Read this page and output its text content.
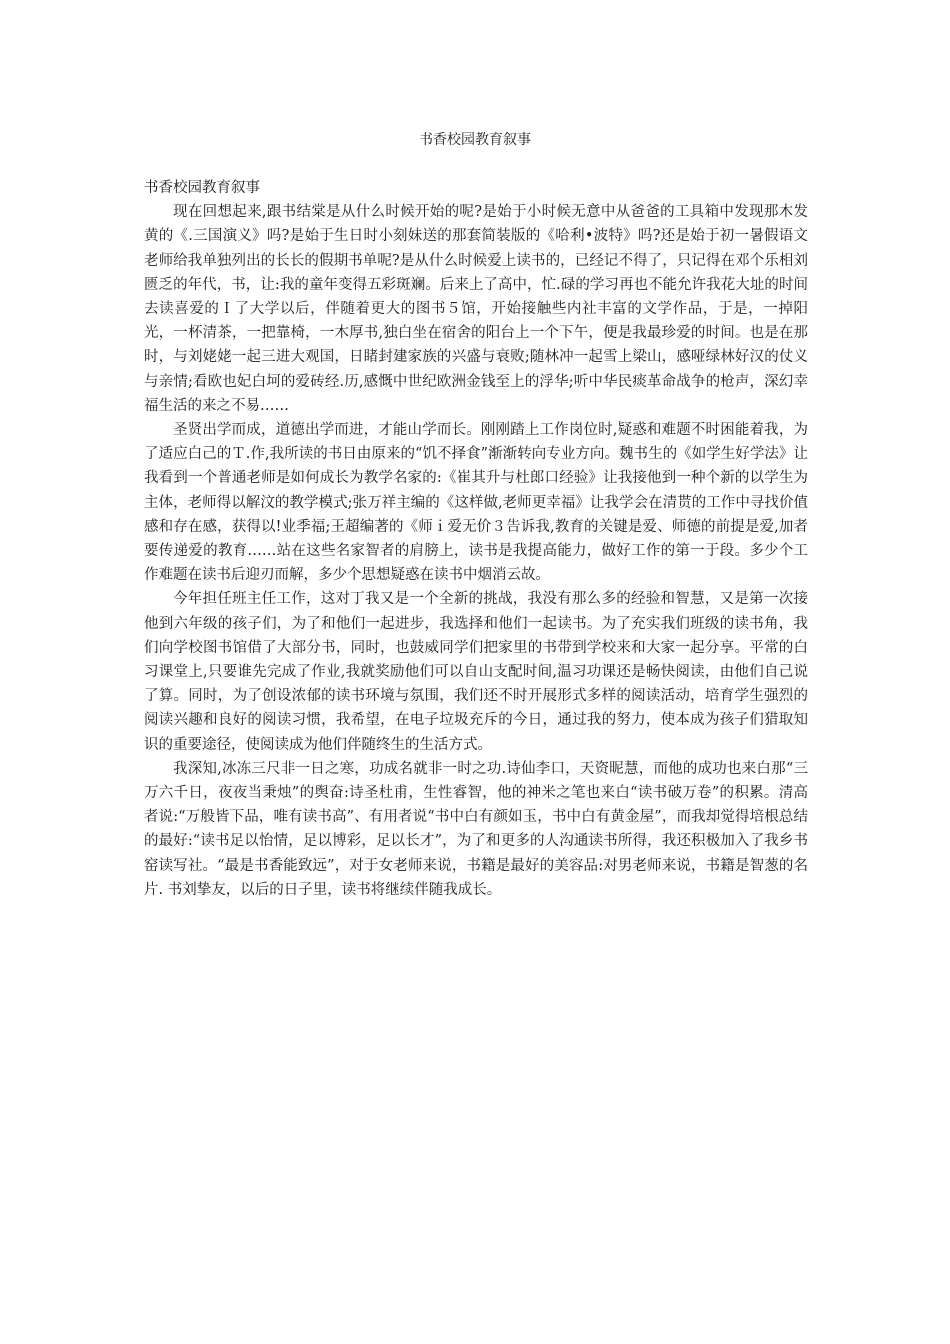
书香校园教育叙事

书香校园教育叙事

现在回想起来,跟书结棠是从什么时候开始的呢?是始于小时候无意中从爸爸的工具箱中发现那木发黄的《.三国演义》吗?是始于生日时小刻妹送的那套简装版的《哈利•波特》吗?还是始于初一暑假语文老师给我单独列出的长长的假期书单呢?是从什么时候爱上读书的，已经记不得了，只记得在邓个乐相刘匮乏的年代，书，让:我的童年变得五彩斑斓。后来上了高中，忙.碌的学习再也不能允许我花大址的时间去读喜爱的Ｉ了大学以后，伴随着更大的图书５馆，开始接触些内社丰富的文学作品，于是，一掉阳光，一杯清茶，一把靠椅，一木厚书,独白坐在宿舍的阳台上一个下午，便是我最珍爱的时间。也是在那时，与刘姥姥一起三进大观国，日睹封建家族的兴盛与衰败;随林冲一起雪上梁山，感哑绿林好汉的仗义与亲情;看欧也妃白坷的爱砖经.历,感慨中世纪欧洲金钱至上的浮华;听中华民痰革命战争的枪声，深幻幸福生活的来之不易……

圣贤出学而成，道德出学而进，才能山学而长。刚刚踏上工作岗位时,疑惑和难题不时困能着我，为了适应白己的Ｔ.作,我所读的书日由原来的“饥不择食”渐渐转向专业方向。魏书生的《如学生好学法》让我看到一个普通老师是如何成长为教学名家的:《崔其升与杜郎口经验》让我接他到一种个新的以学生为主体，老师得以解汶的教学模式;张万祥主编的《这样做,老师更幸福》让我学会在清贳的工作中寻找价值感和存在感，获得以!业季福;王超编著的《师ｉ爱无价３告诉我,教育的关键是爱、师德的前提是爱,加者要传递爱的教育……站在这些名家智者的肩膀上，读书是我提高能力，做好工作的第一于段。多少个工作难题在读书后迎刃而解，多少个思想疑惑在读书中烟消云故。

今年担任班主任工作，这对丁我又是一个全新的挑战，我没有那么多的经验和智慧，又是第一次接他到六年级的孩子们，为了和他们一起进步，我选择和他们一起读书。为了充实我们班级的读书角，我们向学校图书馆借了大部分书，同时，也鼓威同学们把家里的书带到学校来和大家一起分享。平常的白习课堂上,只要谁先完成了作业,我就奖励他们可以自山支配时间,温习功课还是畅快阅读，由他们自己说了算。同时，为了创设浓郁的读书环境与氛围，我们还不时开展形式多样的阅读活动，培育学生强烈的阅读兴趣和良好的阅读习惯，我希望，在电子垃圾充斥的今日，通过我的努力，使本成为孩子们猎取知识的重要途径，使阅读成为他们伴随终生的生活方式。

我深知,冰冻三尺非一日之寒，功成名就非一时之功.诗仙李口，天资昵慧，而他的成功也来白那“三万六千日，夜夜当秉烛”的舆奋:诗圣杜甫，生性睿智，他的神米之笔也来白“读书破万卷”的积累。清高者说:“万般皆下品，唯有读书高”、有用者说“书中白有颜如玉，书中白有黄金屋”，而我却觉得培根总结的最好:“读书足以怡情，足以博彩，足以长才”，为了和更多的人沟通读书所得，我还积极加入了我乡书窑读写社。“最是书香能致远”，对于女老师来说，书籍是最好的美容品:对男老师来说，书籍是智葱的名片. 书刘挚友，以后的日子里，读书将继续伴随我成长。
